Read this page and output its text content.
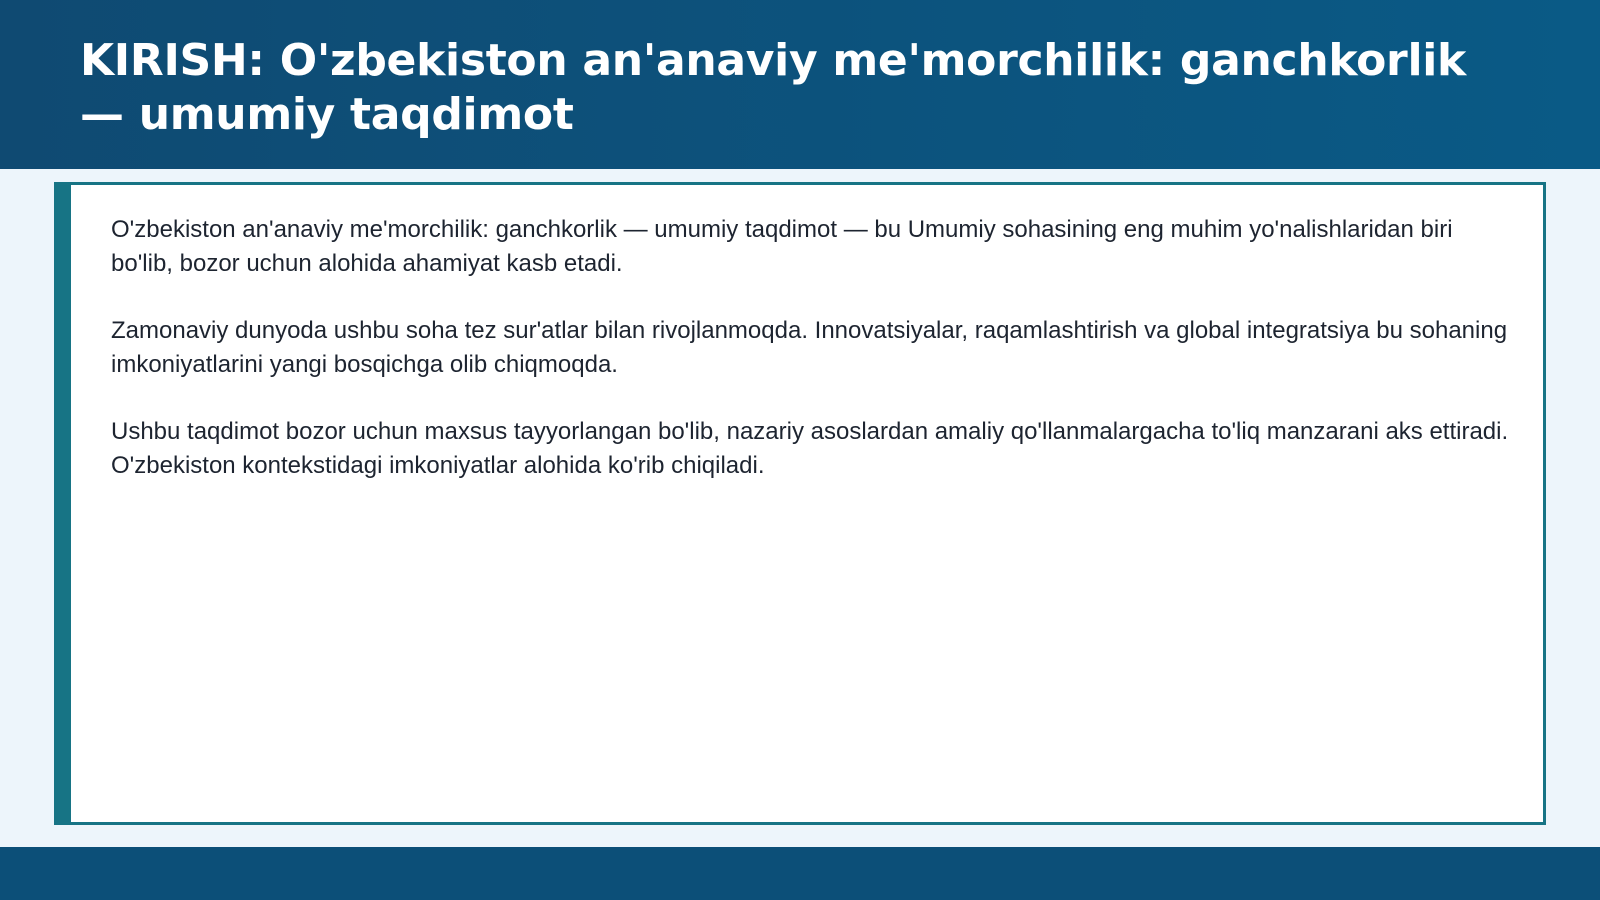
KIRISH: O'zbekiston an'anaviy me'morchilik: ganchkorlik — umumiy taqdimot

O'zbekiston an'anaviy me'morchilik: ganchkorlik — umumiy taqdimot — bu Umumiy sohasining eng muhim yo'nalishlaridan biri bo'lib, bozor uchun alohida ahamiyat kasb etadi.

Zamonaviy dunyoda ushbu soha tez sur'atlar bilan rivojlanmoqda. Innovatsiyalar, raqamlashtirish va global integratsiya bu sohaning imkoniyatlarini yangi bosqichga olib chiqmoqda.

Ushbu taqdimot bozor uchun maxsus tayyorlangan bo'lib, nazariy asoslardan amaliy qo'llanmalargacha to'liq manzarani aks ettiradi. O'zbekiston kontekstidagi imkoniyatlar alohida ko'rib chiqiladi.
